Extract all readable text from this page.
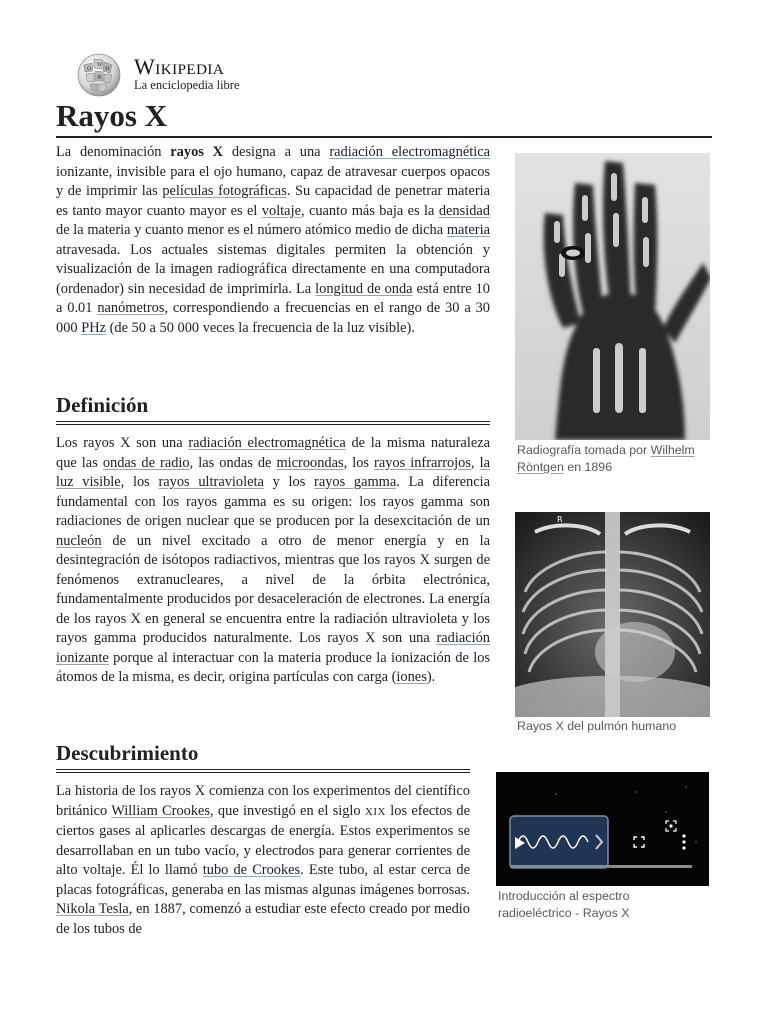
Ω
W
И
維 Wikipedia
La enciclopedia libre
Rayos X

La denominación rayos X designa a una radiación electromagnética ionizante, invisible para el ojo humano, capaz de atravesar cuerpos opacos y de imprimir las películas fotográficas. Su capacidad de penetrar materia es tanto mayor cuanto mayor es el voltaje, cuanto más baja es la densidad de la materia y cuanto menor es el número atómico medio de dicha materia atravesada. Los actuales sistemas digitales permiten la obtención y visualización de la imagen radiográfica directamente en una computadora (ordenador) sin necesidad de imprimirla. La longitud de onda está entre 10 a 0.01 nanómetros, correspondiendo a frecuencias en el rango de 30 a 30 000 PHz (de 50 a 50 000 veces la frecuencia de la luz visible).

Definición

Los rayos X son una radiación electromagnética de la misma naturaleza que las ondas de radio, las ondas de microondas, los rayos infrarrojos, la luz visible, los rayos ultravioleta y los rayos gamma. La diferencia fundamental con los rayos gamma es su origen: los rayos gamma son radiaciones de origen nuclear que se producen por la desexcitación de un nucleón de un nivel excitado a otro de menor energía y en la desintegración de isótopos radiactivos, mientras que los rayos X surgen de fenómenos extranucleares, a nivel de la órbita electrónica, fundamentalmente producidos por desaceleración de electrones. La energía de los rayos X en general se encuentra entre la radiación ultravioleta y los rayos gamma producidos naturalmente. Los rayos X son una radiación ionizante porque al interactuar con la materia produce la ionización de los átomos de la misma, es decir, origina partículas con carga (iones).

Descubrimiento

La historia de los rayos X comienza con los experimentos del científico británico William Crookes, que investigó en el siglo XIX los efectos de ciertos gases al aplicarles descargas de energía. Estos experimentos se desarrollaban en un tubo vacío, y electrodos para generar corrientes de alto voltaje. Él lo llamó tubo de Crookes. Este tubo, al estar cerca de placas fotográficas, generaba en las mismas algunas imágenes borrosas. Nikola Tesla, en 1887, comenzó a estudiar este efecto creado por medio de los tubos de

Radiografía tomada por Wilhelm Röntgen en 1896
R
Rayos X del pulmón humano
Introducción al espectro radioeléctrico - Rayos X
